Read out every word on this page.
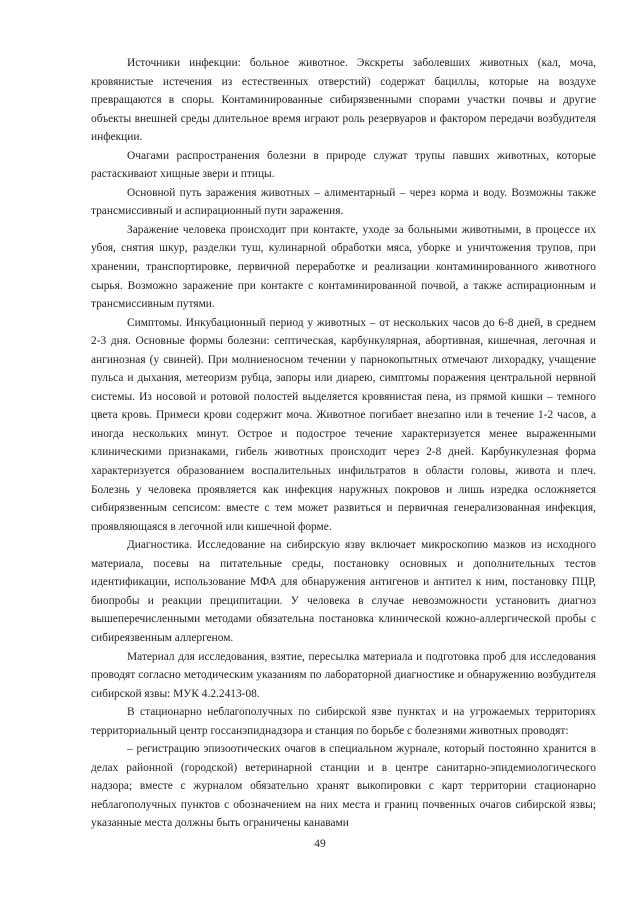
Источники инфекции: больное животное. Экскреты заболевших животных (кал, моча, кровянистые истечения из естественных отверстий) содержат бациллы, которые на воздухе превращаются в споры. Контаминированные сибирязвенными спорами участки почвы и другие объекты внешней среды длительное время играют роль резервуаров и фактором передачи возбудителя инфекции.

Очагами распространения болезни в природе служат трупы павших животных, которые растаскивают хищные звери и птицы.

Основной путь заражения животных – алиментарный – через корма и воду. Возможны также трансмиссивный и аспирационный пути заражения.

Заражение человека происходит при контакте, уходе за больными животными, в процессе их убоя, снятия шкур, разделки туш, кулинарной обработки мяса, уборке и уничтожения трупов, при хранении, транспортировке, первичной переработке и реализации контаминированного животного сырья. Возможно заражение при контакте с контаминированной почвой, а также аспирационным и трансмиссивным путями.

Симптомы. Инкубационный период у животных – от нескольких часов до 6-8 дней, в среднем 2-3 дня. Основные формы болезни: септическая, карбункулярная, абортивная, кишечная, легочная и ангинозная (у свиней). При молниеносном течении у парнокопытных отмечают лихорадку, учащение пульса и дыхания, метеоризм рубца, запоры или диарею, симптомы поражения центральной нервной системы. Из носовой и ротовой полостей выделяется кровянистая пена, из прямой кишки – темного цвета кровь. Примеси крови содержит моча. Животное погибает внезапно или в течение 1-2 часов, а иногда нескольких минут. Острое и подострое течение характеризуется менее выраженными клиническими признаками, гибель животных происходит через 2-8 дней. Карбункулезная форма характеризуется образованием воспалительных инфильтратов в области головы, живота и плеч. Болезнь у человека проявляется как инфекция наружных покровов и лишь изредка осложняется сибирязвенным сепсисом: вместе с тем может развиться и первичная генерализованная инфекция, проявляющаяся в легочной или кишечной форме.

Диагностика. Исследование на сибирскую язву включает микроскопию мазков из исходного материала, посевы на питательные среды, постановку основных и дополнительных тестов идентификации, использование МФА для обнаружения антигенов и антител к ним, постановку ПЦР, биопробы и реакции преципитации. У человека в случае невозможности установить диагноз вышеперечисленными методами обязательна постановка клинической кожно-аллергической пробы с сибиреязвенным аллергеном.

Материал для исследования, взятие, пересылка материала и подготовка проб для исследования проводят согласно методическим указаниям по лабораторной диагностике и обнаружению возбудителя сибирской язвы: МУК 4.2.2413-08.

В стационарно неблагополучных по сибирской язве пунктах и на угрожаемых территориях территориальный центр госсанэпиднадзора и станция по борьбе с болезнями животных проводят:

– регистрацию эпизоотических очагов в специальном журнале, который постоянно хранится в делах районной (городской) ветеринарной станции и в центре санитарно-эпидемиологического надзора; вместе с журналом обязательно хранят выкопировки с карт территории стационарно неблагополучных пунктов с обозначением на них места и границ почвенных очагов сибирской язвы; указанные места должны быть ограничены канавами

49
